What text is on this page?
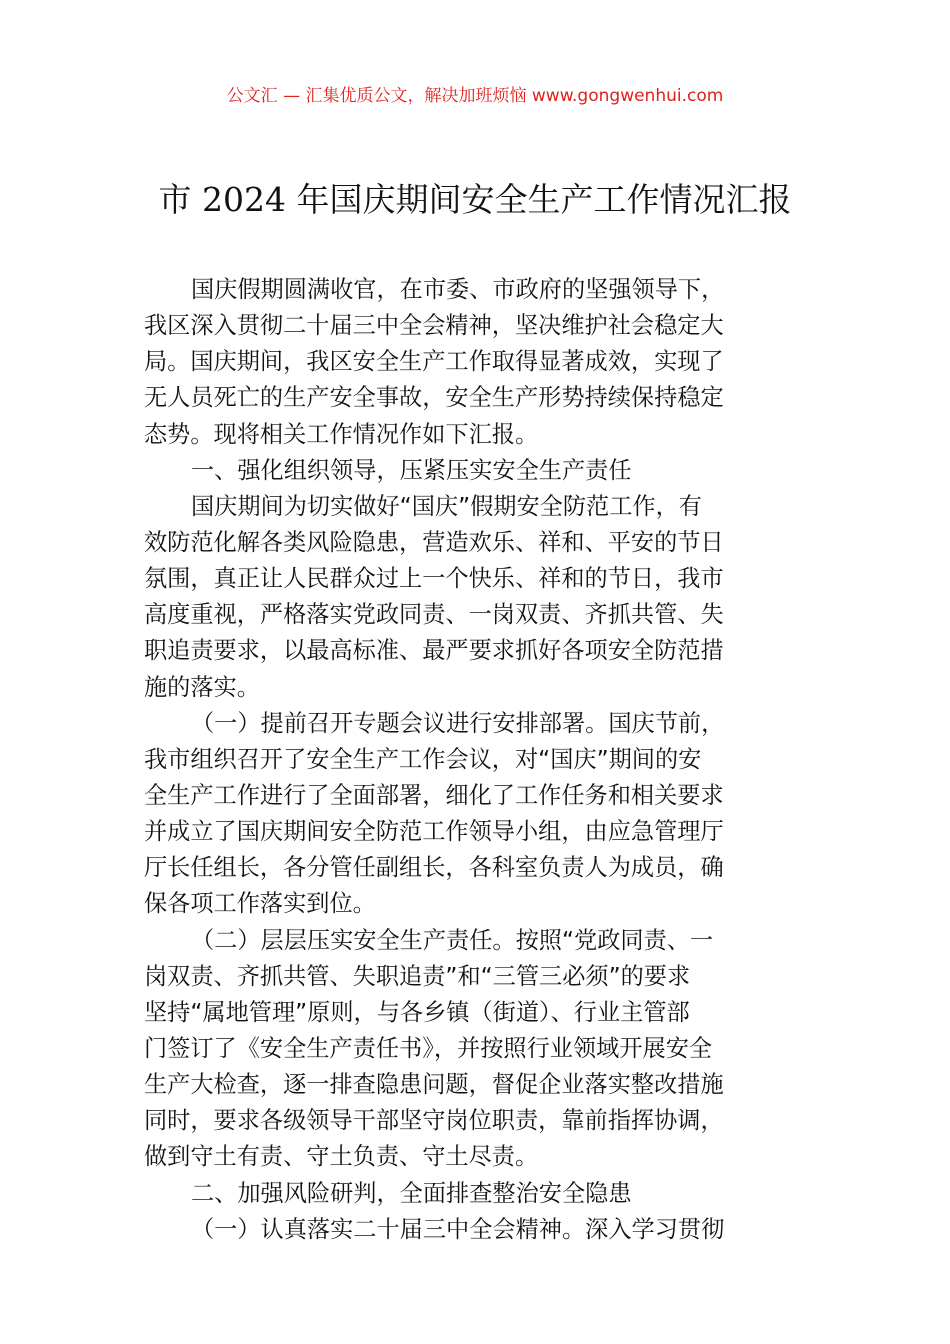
公文汇 — 汇集优质公文，解决加班烦恼 www.gongwenhui.com
市 2024 年国庆期间安全生产工作情况汇报
国庆假期圆满收官，在市委、市政府的坚强领导下，
我区深入贯彻二十届三中全会精神，坚决维护社会稳定大
局。国庆期间，我区安全生产工作取得显著成效，实现了
无人员死亡的生产安全事故，安全生产形势持续保持稳定
态势。现将相关工作情况作如下汇报。
一、强化组织领导，压紧压实安全生产责任
国庆期间为切实做好“国庆”假期安全防范工作，有
效防范化解各类风险隐患，营造欢乐、祥和、平安的节日
氛围，真正让人民群众过上一个快乐、祥和的节日，我市
高度重视，严格落实党政同责、一岗双责、齐抓共管、失
职追责要求，以最高标准、最严要求抓好各项安全防范措
施的落实。
（一）提前召开专题会议进行安排部署。国庆节前，
我市组织召开了安全生产工作会议，对“国庆”期间的安
全生产工作进行了全面部署，细化了工作任务和相关要求
并成立了国庆期间安全防范工作领导小组，由应急管理厅
厅长任组长，各分管任副组长，各科室负责人为成员，确
保各项工作落实到位。
（二）层层压实安全生产责任。按照“党政同责、一
岗双责、齐抓共管、失职追责”和“三管三必须”的要求
坚持“属地管理”原则，与各乡镇（街道）、行业主管部
门签订了《安全生产责任书》，并按照行业领域开展安全
生产大检查，逐一排查隐患问题，督促企业落实整改措施
同时，要求各级领导干部坚守岗位职责，靠前指挥协调，
做到守土有责、守土负责、守土尽责。
二、加强风险研判，全面排查整治安全隐患
（一）认真落实二十届三中全会精神。深入学习贯彻
